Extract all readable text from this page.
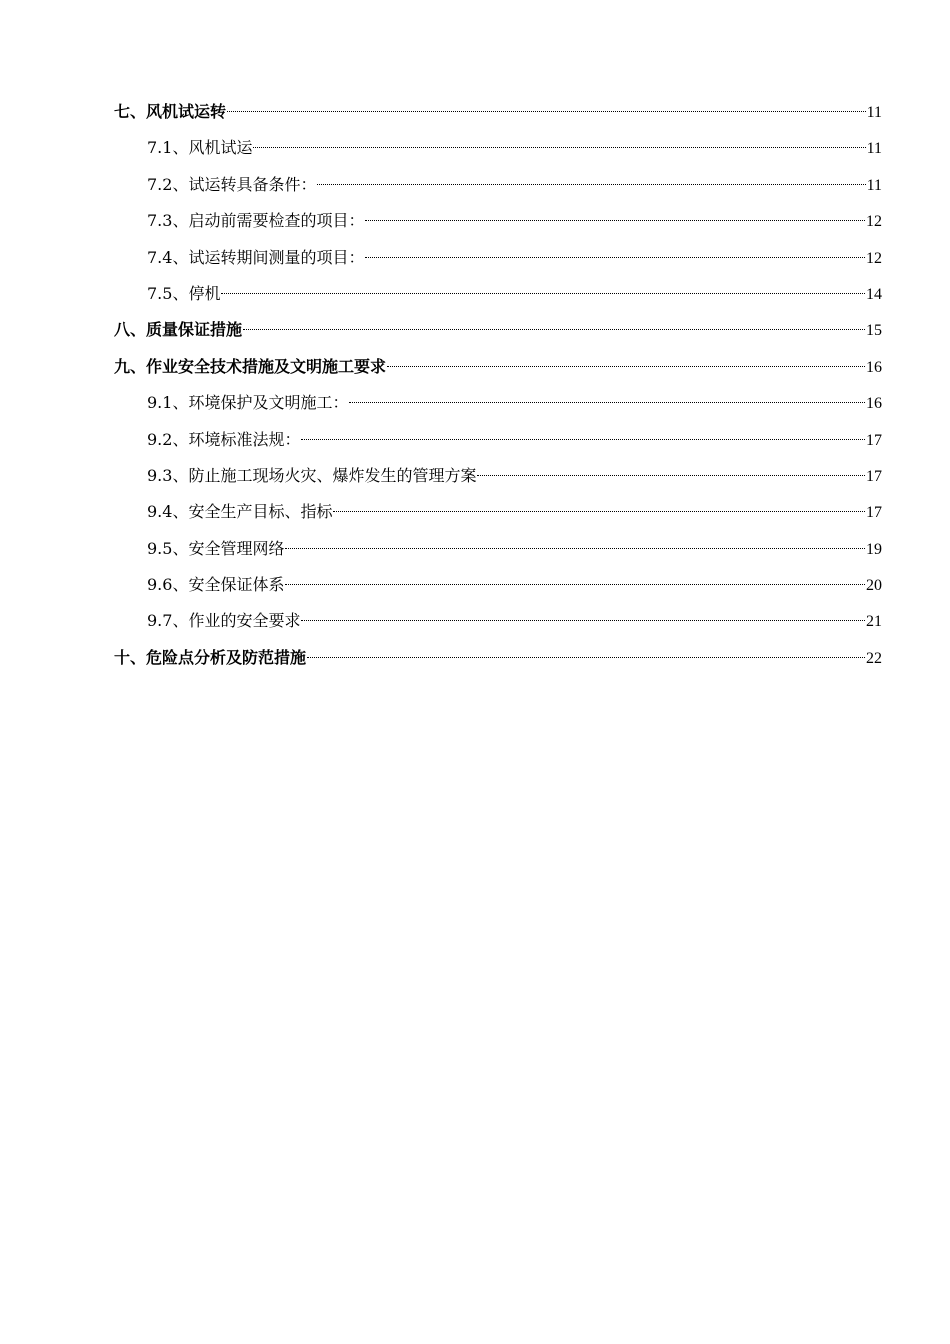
七、风机试运转	11
7.1、风机试运	11
7.2、试运转具备条件：	11
7.3、启动前需要检查的项目：	12
7.4、试运转期间测量的项目：	12
7.5、停机	14
八、质量保证措施	15
九、作业安全技术措施及文明施工要求	16
9.1、环境保护及文明施工：	16
9.2、环境标准法规：	17
9.3、防止施工现场火灾、爆炸发生的管理方案	17
9.4、安全生产目标、指标	17
9.5、安全管理网络	19
9.6、安全保证体系	20
9.7、作业的安全要求	21
十、危险点分析及防范措施	22
